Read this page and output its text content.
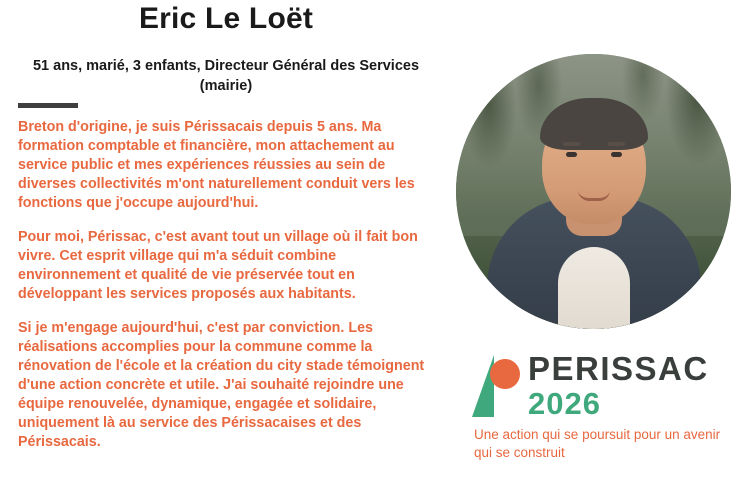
Eric Le Loët
51 ans, marié, 3 enfants, Directeur Général des Services (mairie)

Breton d'origine, je suis Périssacais depuis 5 ans. Ma formation comptable et financière, mon attachement au service public et mes expériences réussies au sein de diverses collectivités m'ont naturellement conduit vers les fonctions que j'occupe aujourd'hui.

Pour moi, Périssac, c'est avant tout un village où il fait bon vivre. Cet esprit village qui m'a séduit combine environnement et qualité de vie préservée tout en développant les services proposés aux habitants.

Si je m'engage aujourd'hui, c'est par conviction. Les réalisations accomplies pour la commune comme la rénovation de l'école et la création du city stade témoignent d'une action concrète et utile. J'ai souhaité rejoindre une équipe renouvelée, dynamique, engagée et solidaire, uniquement là au service des Périssacaises et des Périssacais.

PERISSAC
2026
Une action qui se poursuit pour un avenir qui se construit
